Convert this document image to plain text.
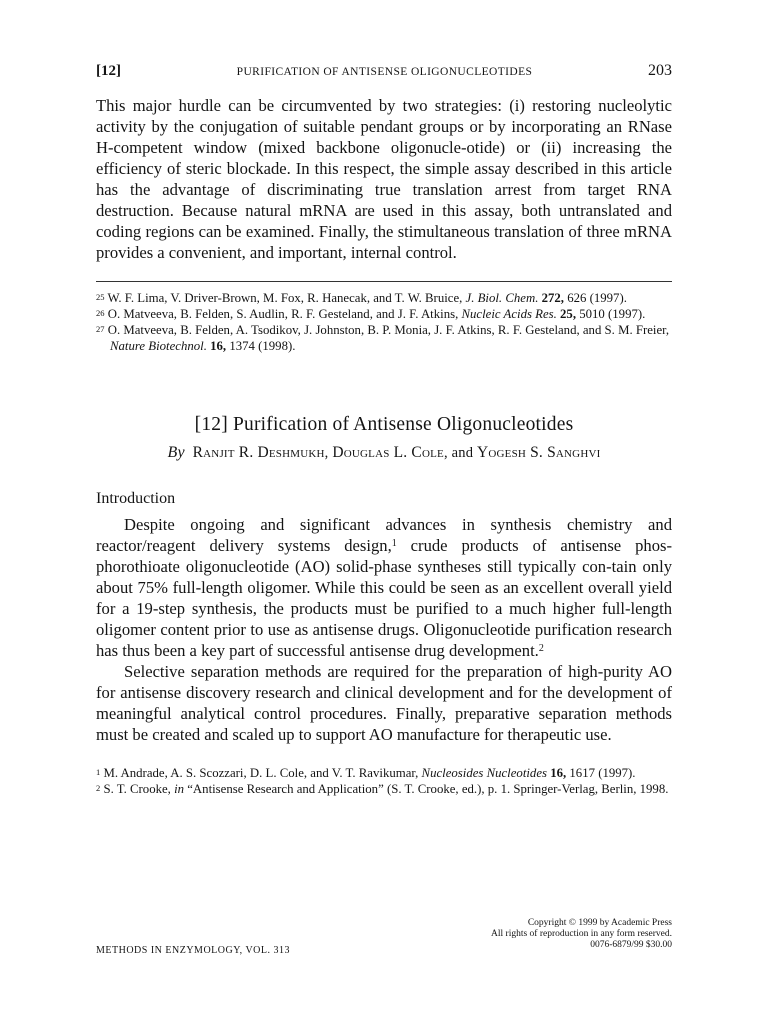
[12]	PURIFICATION OF ANTISENSE OLIGONUCLEOTIDES	203

This major hurdle can be circumvented by two strategies: (i) restoring nucleolytic activity by the conjugation of suitable pendant groups or by incorporating an RNase H-competent window (mixed backbone oligonucle-otide) or (ii) increasing the efficiency of steric blockade. In this respect, the simple assay described in this article has the advantage of discriminating true translation arrest from target RNA destruction. Because natural mRNA are used in this assay, both untranslated and coding regions can be examined. Finally, the stimultaneous translation of three mRNA provides a convenient, and important, internal control.

$^{25}$ W. F. Lima, V. Driver-Brown, M. Fox, R. Hanecak, and T. W. Bruice, J. Biol. Chem. 272, 626 (1997).
$^{26}$ O. Matveeva, B. Felden, S. Audlin, R. F. Gesteland, and J. F. Atkins, Nucleic Acids Res. 25, 5010 (1997).
$^{27}$ O. Matveeva, B. Felden, A. Tsodikov, J. Johnston, B. P. Monia, J. F. Atkins, R. F. Gesteland, and S. M. Freier, Nature Biotechnol. 16, 1374 (1998).
[12] Purification of Antisense Oligonucleotides
By Ranjit R. Deshmukh, Douglas L. Cole, and Yogesh S. Sanghvi
Introduction

Despite ongoing and significant advances in synthesis chemistry and reactor/reagent delivery systems design,$^1$ crude products of antisense phos-phorothioate oligonucleotide (AO) solid-phase syntheses still typically con-tain only about 75% full-length oligomer. While this could be seen as an excellent overall yield for a 19-step synthesis, the products must be purified to a much higher full-length oligomer content prior to use as antisense drugs. Oligonucleotide purification research has thus been a key part of successful antisense drug development.$^2$

Selective separation methods are required for the preparation of high-purity AO for antisense discovery research and clinical development and for the development of meaningful analytical control procedures. Finally, preparative separation methods must be created and scaled up to support AO manufacture for therapeutic use.

$^1$ M. Andrade, A. S. Scozzari, D. L. Cole, and V. T. Ravikumar, Nucleosides Nucleotides 16, 1617 (1997).
$^2$ S. T. Crooke, in “Antisense Research and Application” (S. T. Crooke, ed.), p. 1. Springer-Verlag, Berlin, 1998.
METHODS IN ENZYMOLOGY, VOL. 313
Copyright © 1999 by Academic Press
All rights of reproduction in any form reserved.
0076-6879/99 $30.00
